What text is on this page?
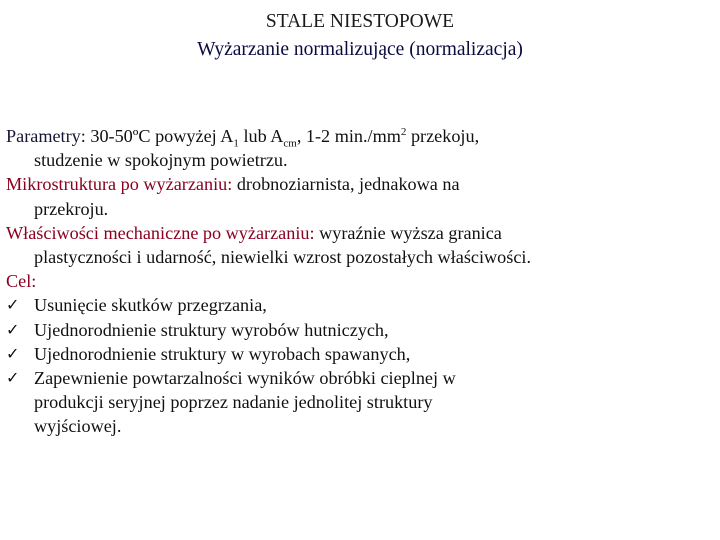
STALE NIESTOPOWE
Wyżarzanie normalizujące (normalizacja)

Parametry: 30-50ºC powyżej $A_1$ lub $A_{cm}$, 1-2 $\min./mm^2$ przekoju,

studzenie w spokojnym powietrzu.

Mikrostruktura po wyżarzaniu: drobnoziarnista, jednakowa na

przekroju.

Właściwości mechaniczne po wyżarzaniu: wyraźnie wyższa granica

plastyczności i udarność, niewielki wzrost pozostałych właściwości.

Cel:

✓ Usunięcie skutków przegrzania,
✓ Ujednorodnienie struktury wyrobów hutniczych,
✓ Ujednorodnienie struktury w wyrobach spawanych,
✓ Zapewnienie powtarzalności wyników obróbki cieplnej w
produkcji seryjnej poprzez nadanie jednolitej struktury
wyjściowej.
